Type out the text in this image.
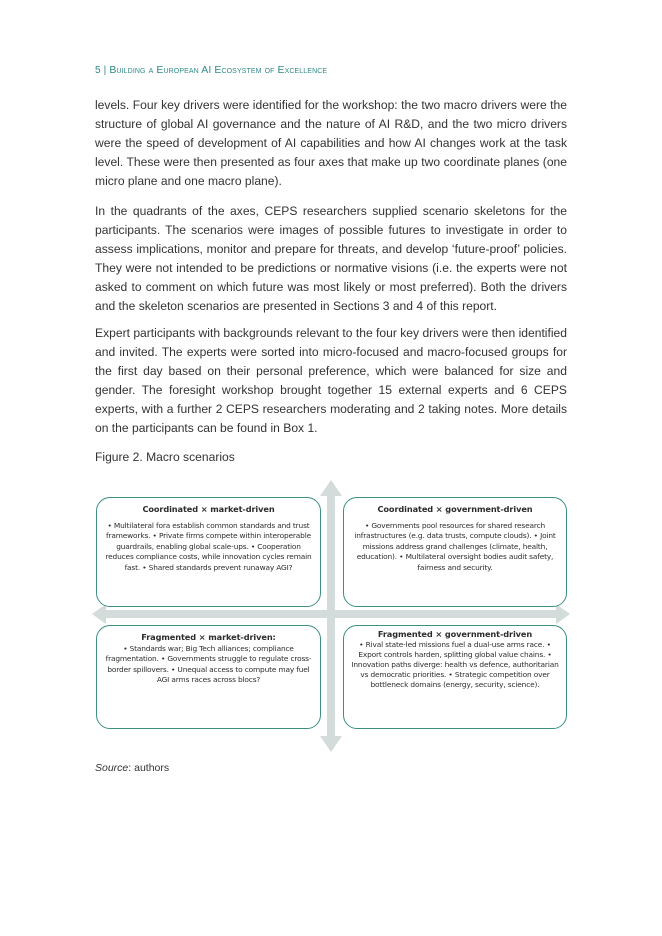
5 | Building a European AI Ecosystem of Excellence

levels. Four key drivers were identified for the workshop: the two macro drivers were the structure of global AI governance and the nature of AI R&D, and the two micro drivers were the speed of development of AI capabilities and how AI changes work at the task level. These were then presented as four axes that make up two coordinate planes (one micro plane and one macro plane).

In the quadrants of the axes, CEPS researchers supplied scenario skeletons for the participants. The scenarios were images of possible futures to investigate in order to assess implications, monitor and prepare for threats, and develop ‘future-proof’ policies. They were not intended to be predictions or normative visions (i.e. the experts were not asked to comment on which future was most likely or most preferred). Both the drivers and the skeleton scenarios are presented in Sections 3 and 4 of this report.

Expert participants with backgrounds relevant to the four key drivers were then identified and invited. The experts were sorted into micro-focused and macro-focused groups for the first day based on their personal preference, which were balanced for size and gender. The foresight workshop brought together 15 external experts and 6 CEPS experts, with a further 2 CEPS researchers moderating and 2 taking notes. More details on the participants can be found in Box 1.

Figure 2. Macro scenarios
Coordinated × market-driven
• Multilateral fora establish common standards and trust frameworks. • Private firms compete within interoperable guardrails, enabling global scale-ups. • Cooperation reduces compliance costs, while innovation cycles remain fast. • Shared standards prevent runaway AGI?
Coordinated × government-driven
• Governments pool resources for shared research infrastructures (e.g. data trusts, compute clouds). • Joint missions address grand challenges (climate, health, education). • Multilateral oversight bodies audit safety, fairness and security.
Fragmented × market-driven:
• Standards war; Big Tech alliances; compliance fragmentation. • Governments struggle to regulate cross-border spillovers. • Unequal access to compute may fuel AGI arms races across blocs?
Fragmented × government-driven
• Rival state-led missions fuel a dual-use arms race. • Export controls harden, splitting global value chains. • Innovation paths diverge: health vs defence, authoritarian vs democratic priorities. • Strategic competition over bottleneck domains (energy, security, science).
Source: authors
